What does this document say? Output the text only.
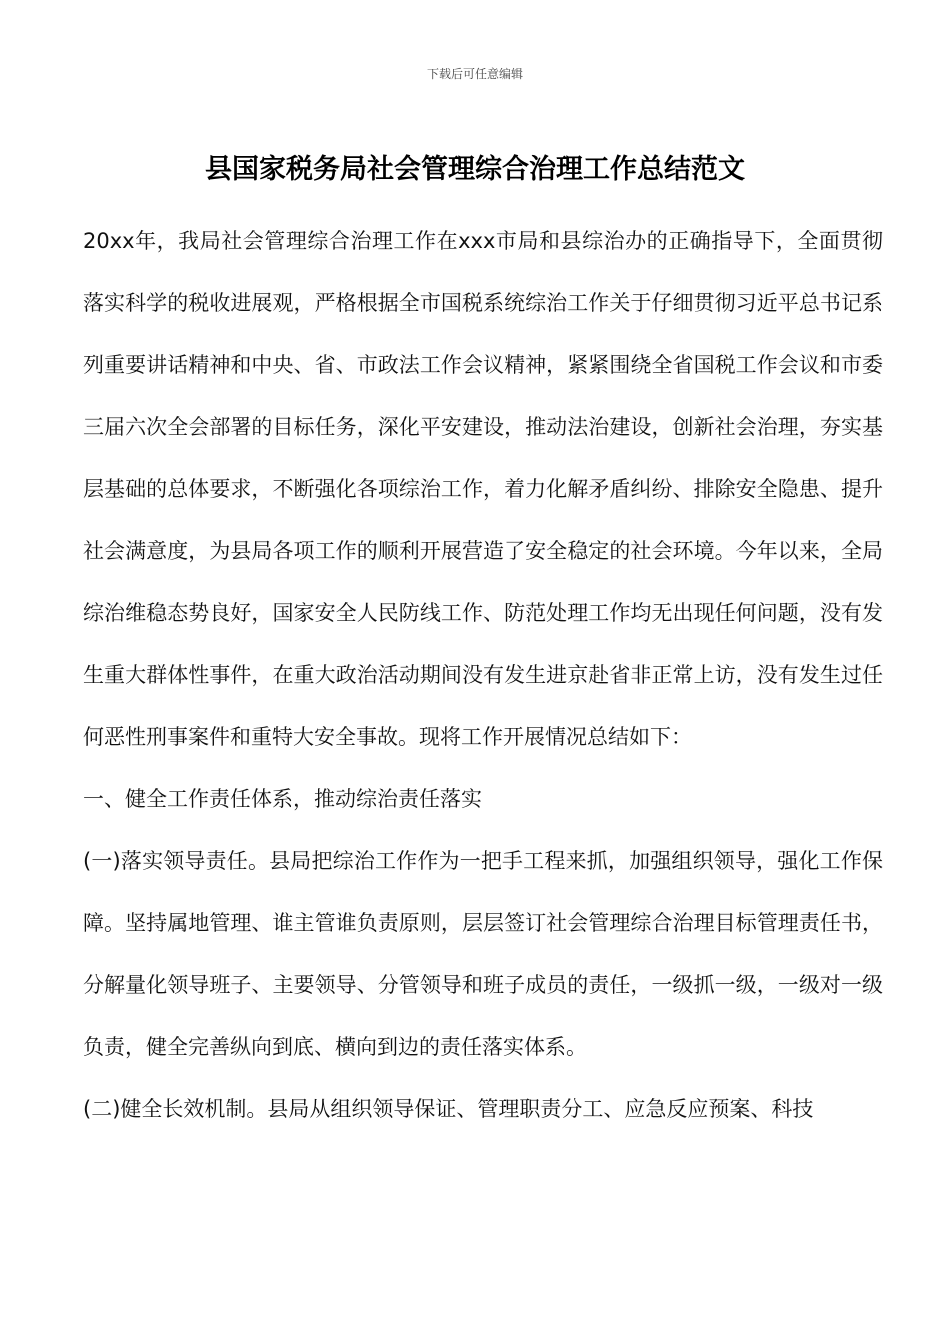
下载后可任意编辑
县国家税务局社会管理综合治理工作总结范文

20xx年，我局社会管理综合治理工作在xxx市局和县综治办的正确指导下，全面贯彻落实科学的税收进展观，严格根据全市国税系统综治工作关于仔细贯彻习近平总书记系列重要讲话精神和中央、省、市政法工作会议精神，紧紧围绕全省国税工作会议和市委三届六次全会部署的目标任务，深化平安建设，推动法治建设，创新社会治理，夯实基层基础的总体要求，不断强化各项综治工作，着力化解矛盾纠纷、排除安全隐患、提升社会满意度，为县局各项工作的顺利开展营造了安全稳定的社会环境。今年以来，全局综治维稳态势良好，国家安全人民防线工作、防范处理工作均无出现任何问题，没有发生重大群体性事件，在重大政治活动期间没有发生进京赴省非正常上访，没有发生过任何恶性刑事案件和重特大安全事故。现将工作开展情况总结如下：

一、健全工作责任体系，推动综治责任落实

(一)落实领导责任。县局把综治工作作为一把手工程来抓，加强组织领导，强化工作保障。坚持属地管理、谁主管谁负责原则，层层签订社会管理综合治理目标管理责任书，分解量化领导班子、主要领导、分管领导和班子成员的责任，一级抓一级，一级对一级负责，健全完善纵向到底、横向到边的责任落实体系。

(二)健全长效机制。县局从组织领导保证、管理职责分工、应急反应预案、科技
